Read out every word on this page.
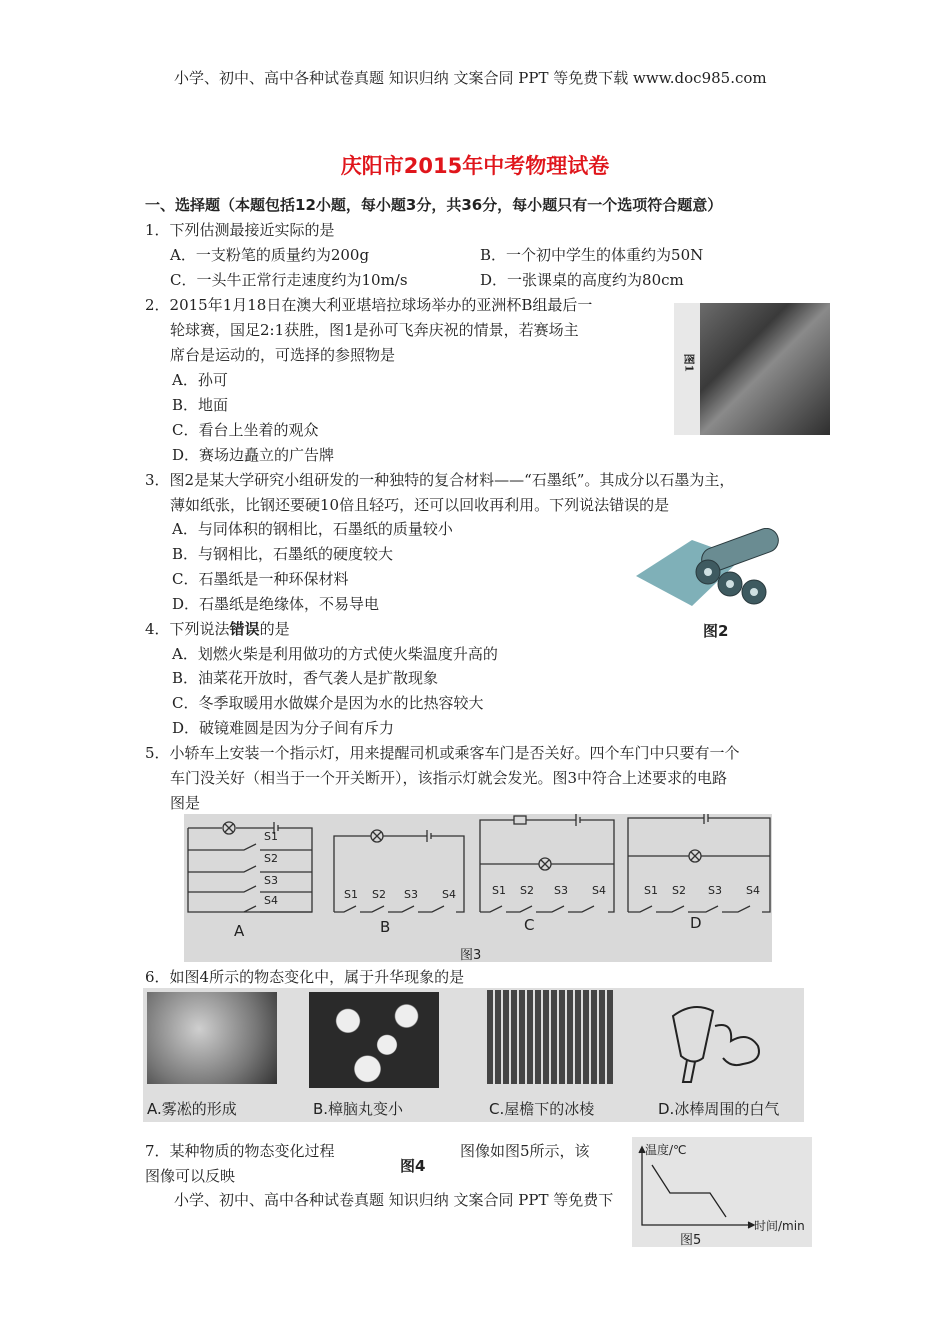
小学、初中、高中各种试卷真题 知识归纳 文案合同 PPT 等免费下载 www.doc985.com
庆阳市2015年中考物理试卷
一、选择题（本题包括12小题，每小题3分，共36分，每小题只有一个选项符合题意）
1．下列估测最接近实际的是
A．一支粉笔的质量约为200g	B．一个初中学生的体重约为50N
C．一头牛正常行走速度约为10m/s	D．一张课桌的高度约为80cm
2．2015年1月18日在澳大利亚堪培拉球场举办的亚洲杯B组最后一
轮球赛，国足2:1获胜，图1是孙可飞奔庆祝的情景，若赛场主
席台是运动的，可选择的参照物是
A．孙可
B．地面
C．看台上坐着的观众
D．赛场边矗立的广告牌
图1
3．图2是某大学研究小组研发的一种独特的复合材料——“石墨纸”。其成分以石墨为主，
薄如纸张，比钢还要硬10倍且轻巧，还可以回收再利用。下列说法错误的是
A．与同体积的钢相比，石墨纸的质量较小
B．与钢相比，石墨纸的硬度较大
C．石墨纸是一种环保材料
D．石墨纸是绝缘体，不易导电
图2
4．下列说法错误的是
A．划燃火柴是利用做功的方式使火柴温度升高的
B．油菜花开放时，香气袭人是扩散现象
C．冬季取暖用水做媒介是因为水的比热容较大
D．破镜难圆是因为分子间有斥力
5．小轿车上安装一个指示灯，用来提醒司机或乘客车门是否关好。四个车门中只要有一个
车门没关好（相当于一个开关断开），该指示灯就会发光。图3中符合上述要求的电路
图是
S1
S2
S3
S4	S1 S2 S3 S4	S1 S2 S3 S4	S1 S2 S3 S4
A	B	C	D
图3
6．如图4所示的物态变化中，属于升华现象的是
A.雾凇的形成	B.樟脑丸变小	C.屋檐下的冰棱	D.冰棒周围的白气
7．某种物质的物态变化过程
图4
图像如图5所示，该
图像可以反映
小学、初中、高中各种试卷真题 知识归纳 文案合同 PPT 等免费下
温度/℃
时间/min
图5
